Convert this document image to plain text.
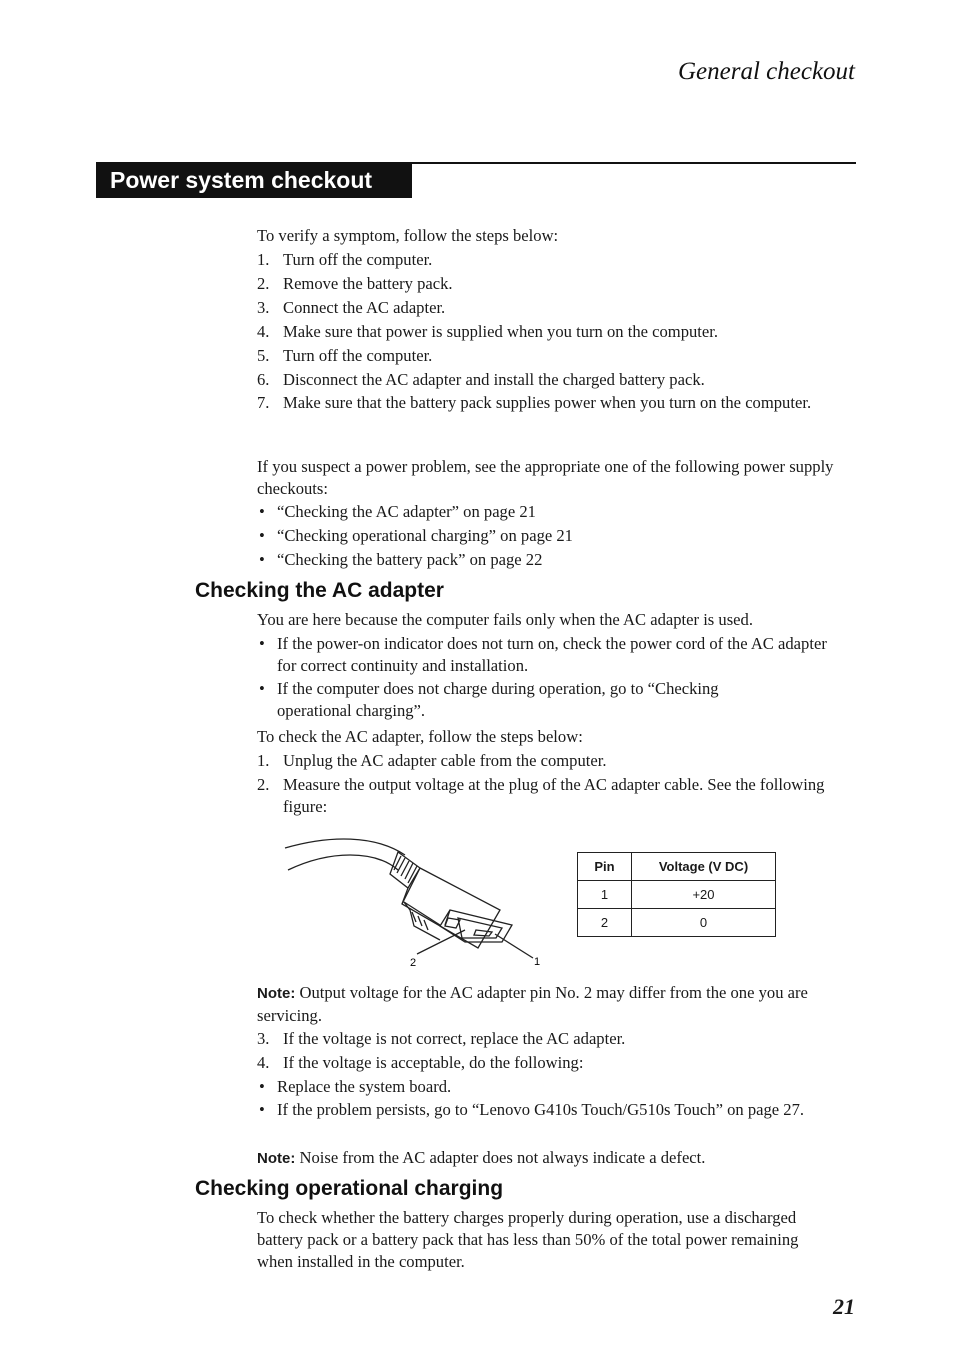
General checkout
Power system checkout
To verify a symptom, follow the steps below:
1. Turn off the computer.
2. Remove the battery pack.
3. Connect the AC adapter.
4. Make sure that power is supplied when you turn on the computer.
5. Turn off the computer.
6. Disconnect the AC adapter and install the charged battery pack.
7. Make sure that the battery pack supplies power when you turn on the computer.
If you suspect a power problem, see the appropriate one of the following power supply checkouts:
• “Checking the AC adapter” on page 21
• “Checking operational charging” on page 21
• “Checking the battery pack” on page 22
Checking the AC adapter
You are here because the computer fails only when the AC adapter is used.
• If the power-on indicator does not turn on, check the power cord of the AC adapter for correct continuity and installation.
• If the computer does not charge during operation, go to “Checking operational charging”.
To check the AC adapter, follow the steps below:
1. Unplug the AC adapter cable from the computer.
2. Measure the output voltage at the plug of the AC adapter cable. See the following figure:
2	1
Pin	Voltage (V DC)
1	+20
2	0
Note: Output voltage for the AC adapter pin No. 2 may differ from the one you are servicing.
3. If the voltage is not correct, replace the AC adapter.
4. If the voltage is acceptable, do the following:
• Replace the system board.
• If the problem persists, go to “Lenovo G410s Touch/G510s Touch” on page 27.
Note: Noise from the AC adapter does not always indicate a defect.
Checking operational charging
To check whether the battery charges properly during operation, use a discharged battery pack or a battery pack that has less than 50% of the total power remaining when installed in the computer.
21
